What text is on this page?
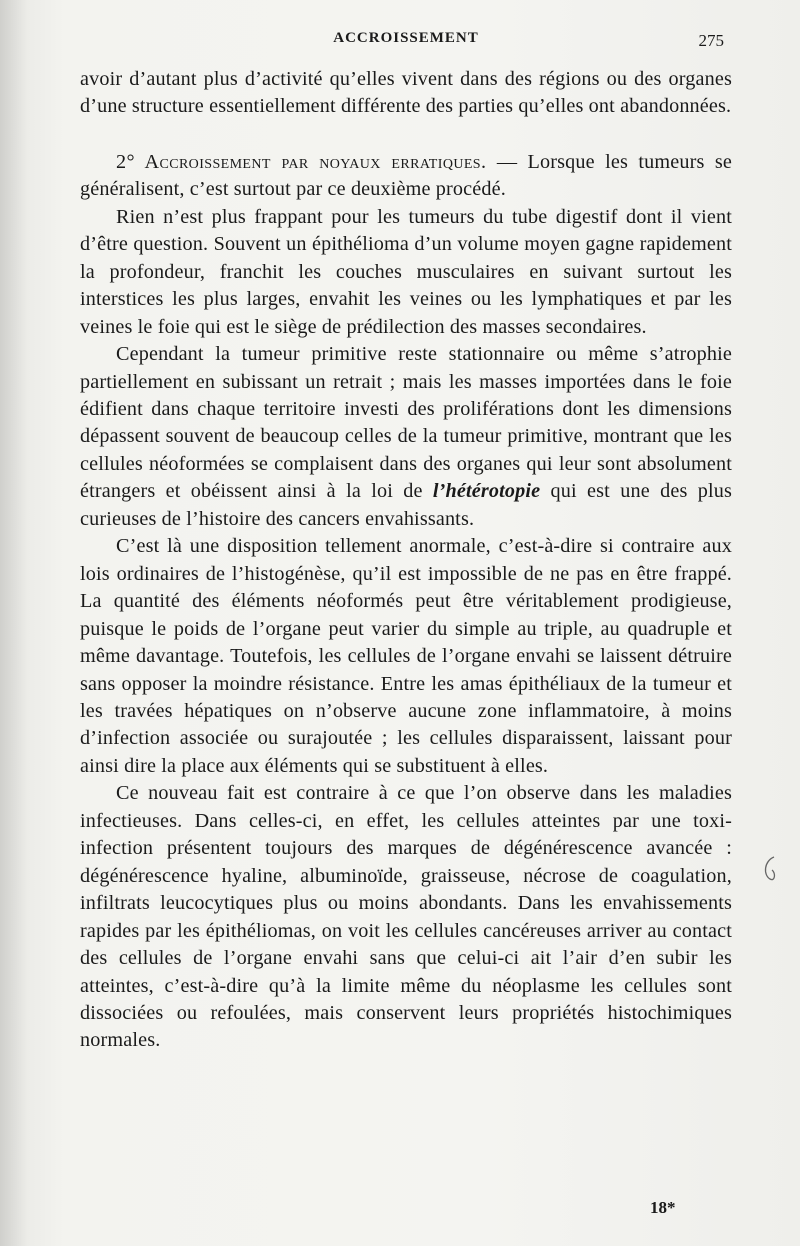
ACCROISSEMENT	275

avoir d’autant plus d’activité qu’elles vivent dans des régions ou des organes d’une structure essentiellement différente des parties qu’elles ont abandonnées.

2° Accroissement par noyaux erratiques. — Lorsque les tumeurs se généralisent, c’est surtout par ce deuxième procédé.

Rien n’est plus frappant pour les tumeurs du tube digestif dont il vient d’être question. Souvent un épithélioma d’un volume moyen gagne rapidement la profondeur, franchit les couches musculaires en suivant surtout les interstices les plus larges, envahit les veines ou les lymphatiques et par les veines le foie qui est le siège de prédilection des masses secondaires.

Cependant la tumeur primitive reste stationnaire ou même s’atrophie partiellement en subissant un retrait ; mais les masses importées dans le foie édifient dans chaque territoire investi des proliférations dont les dimensions dépassent souvent de beaucoup celles de la tumeur primitive, montrant que les cellules néoformées se complaisent dans des organes qui leur sont absolument étrangers et obéissent ainsi à la loi de l’hétérotopie qui est une des plus curieuses de l’histoire des cancers envahissants.

C’est là une disposition tellement anormale, c’est-à-dire si contraire aux lois ordinaires de l’histogénèse, qu’il est impossible de ne pas en être frappé. La quantité des éléments néoformés peut être véritablement prodigieuse, puisque le poids de l’organe peut varier du simple au triple, au quadruple et même davantage. Toutefois, les cellules de l’organe envahi se laissent détruire sans opposer la moindre résistance. Entre les amas épithéliaux de la tumeur et les travées hépatiques on n’observe aucune zone inflammatoire, à moins d’infection associée ou surajoutée ; les cellules disparaissent, laissant pour ainsi dire la place aux éléments qui se substituent à elles.

Ce nouveau fait est contraire à ce que l’on observe dans les maladies infectieuses. Dans celles-ci, en effet, les cellules atteintes par une toxi-infection présentent toujours des marques de dégénérescence avancée : dégénérescence hyaline, albuminoïde, graisseuse, nécrose de coagulation, infiltrats leucocytiques plus ou moins abondants. Dans les envahissements rapides par les épithéliomas, on voit les cellules cancéreuses arriver au contact des cellules de l’organe envahi sans que celui-ci ait l’air d’en subir les atteintes, c’est-à-dire qu’à la limite même du néoplasme les cellules sont dissociées ou refoulées, mais conservent leurs propriétés histochimiques normales.

18*
